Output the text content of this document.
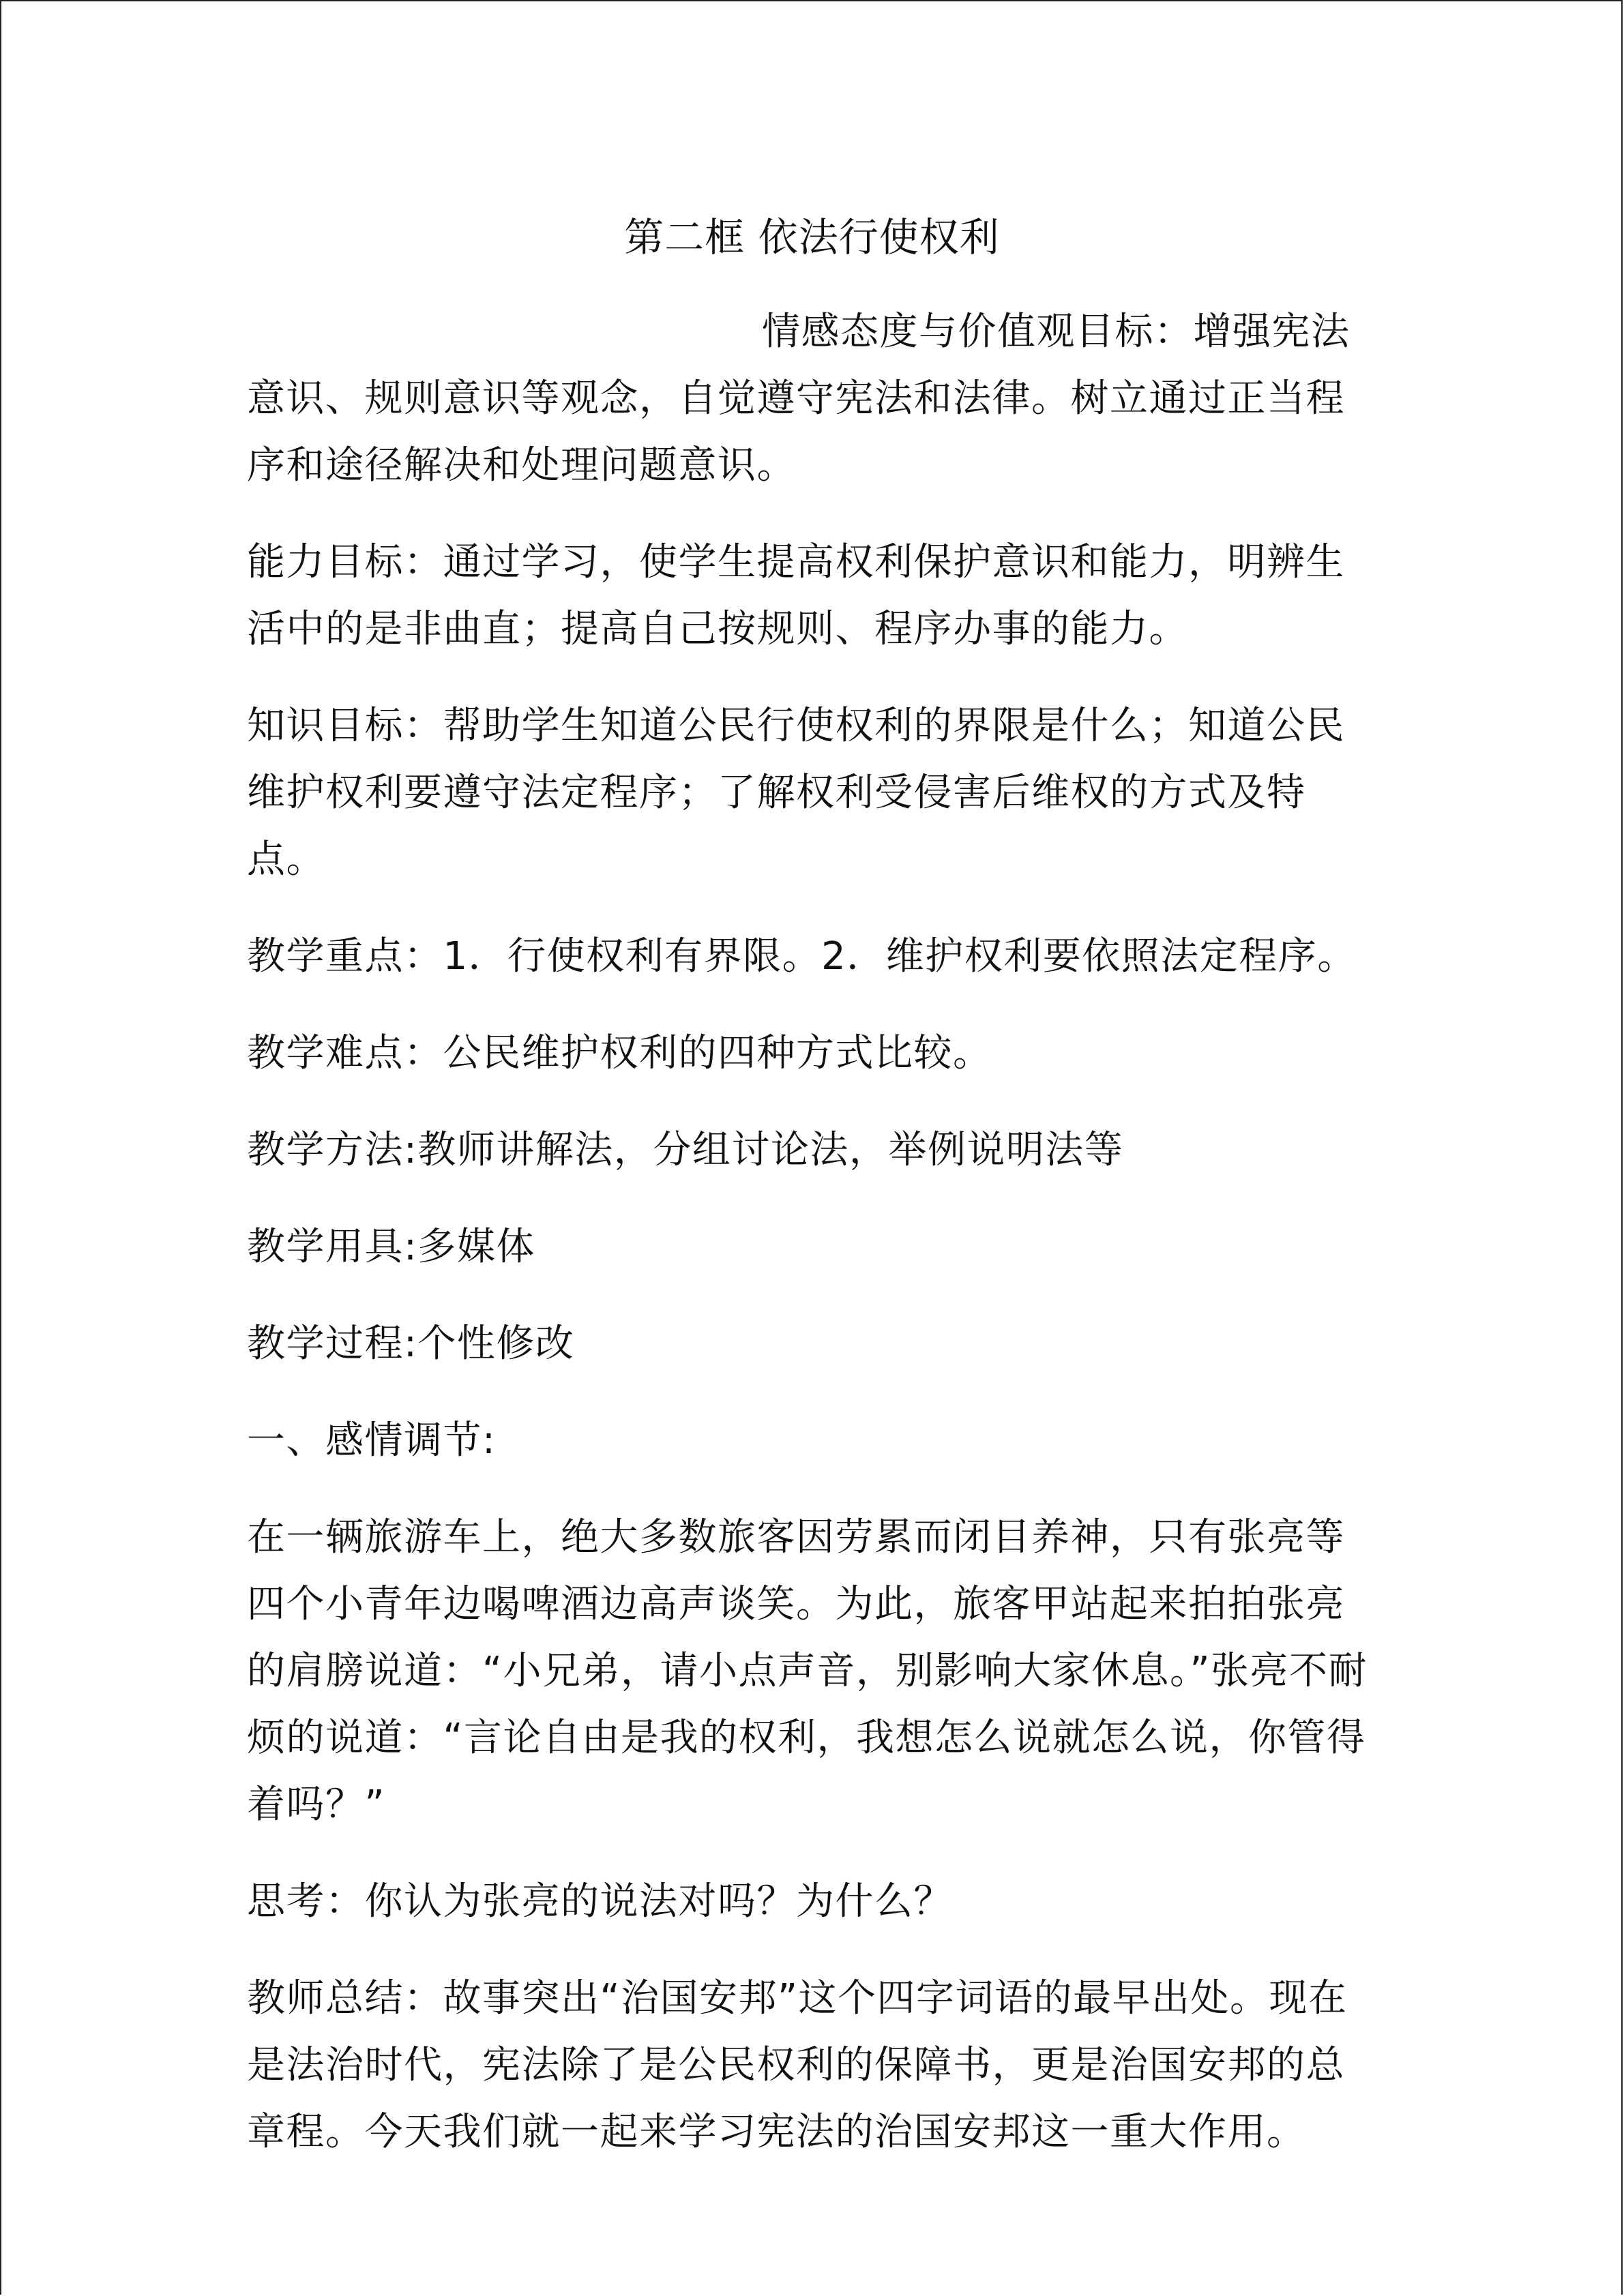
第二框 依法行使权利

情感态度与价值观目标：增强宪法意识、规则意识等观念，自觉遵守宪法和法律。树立通过正当程序和途径解决和处理问题意识。

能力目标：通过学习，使学生提高权利保护意识和能力，明辨生活中的是非曲直；提高自己按规则、程序办事的能力。

知识目标：帮助学生知道公民行使权利的界限是什么；知道公民维护权利要遵守法定程序；了解权利受侵害后维权的方式及特点。

教学重点：1．行使权利有界限。2．维护权利要依照法定程序。

教学难点：公民维护权利的四种方式比较。

教学方法:教师讲解法，分组讨论法，举例说明法等

教学用具:多媒体

教学过程:个性修改

一、感情调节:

在一辆旅游车上，绝大多数旅客因劳累而闭目养神，只有张亮等四个小青年边喝啤酒边高声谈笑。为此，旅客甲站起来拍拍张亮的肩膀说道：“小兄弟，请小点声音，别影响大家休息。”张亮不耐烦的说道：“言论自由是我的权利，我想怎么说就怎么说，你管得着吗？”

思考：你认为张亮的说法对吗？为什么？

教师总结：故事突出“治国安邦”这个四字词语的最早出处。现在是法治时代，宪法除了是公民权利的保障书，更是治国安邦的总章程。今天我们就一起来学习宪法的治国安邦这一重大作用。
